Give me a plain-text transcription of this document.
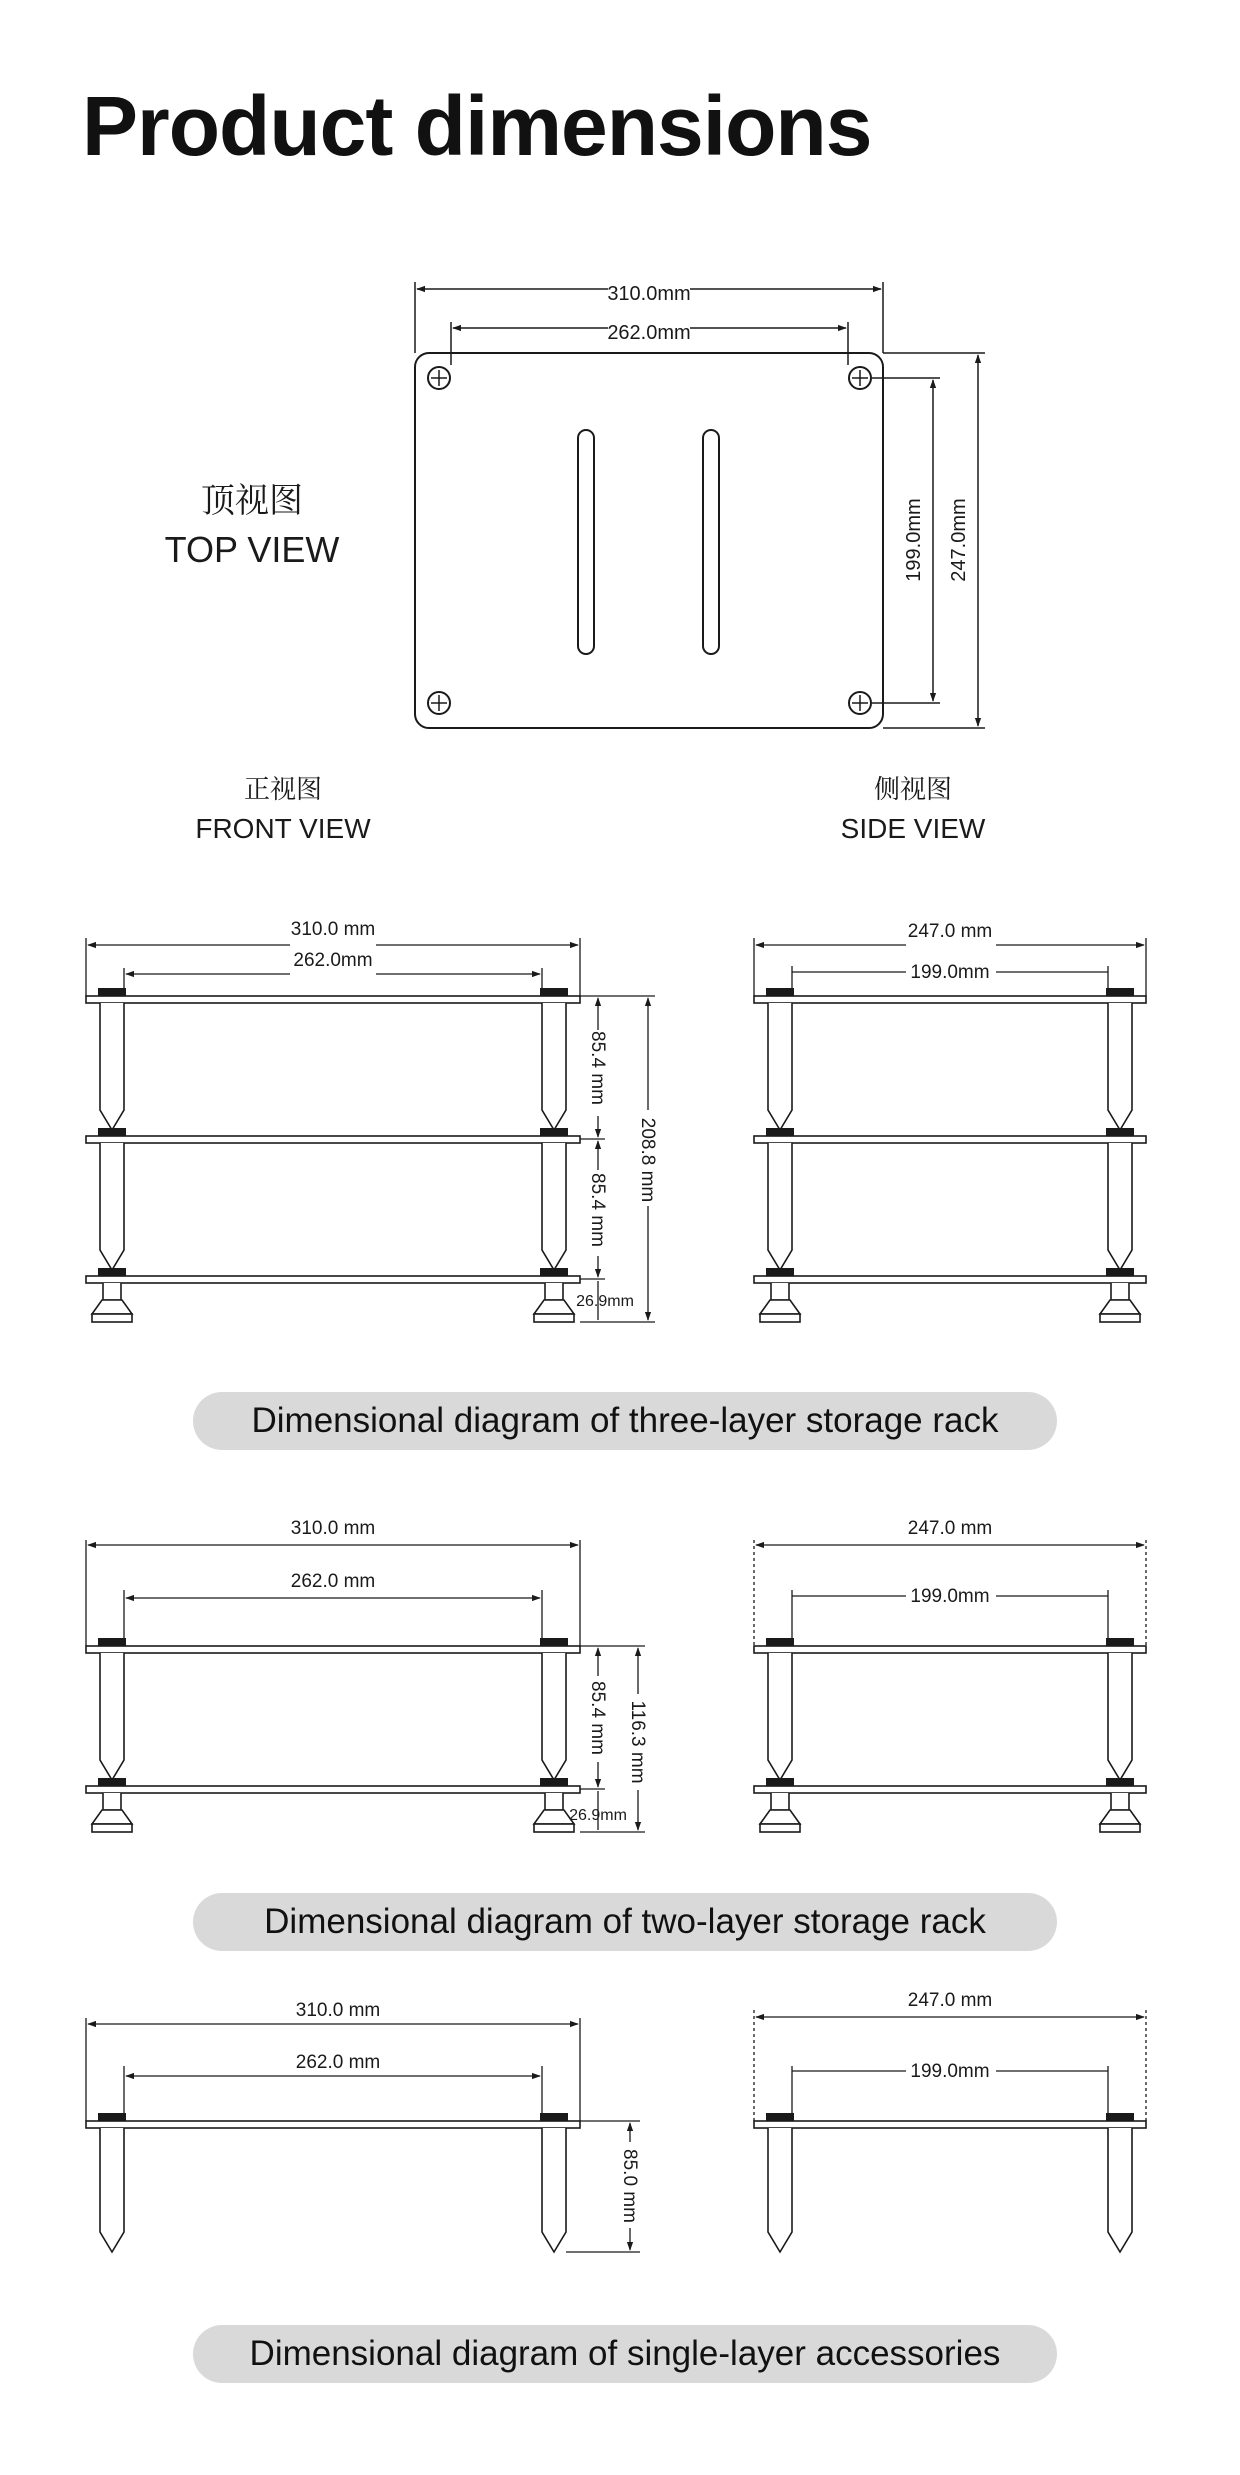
Product dimensions
310.0mm
262.0mm
199.0mm 247.0mm
顶视图
TOP VIEW
正视图
FRONT VIEW
侧视图
SIDE VIEW
310.0 mm
262.0mm
85.4 mm
85.4 mm
208.8 mm
26.9mm
247.0 mm
199.0mm
310.0 mm
262.0 mm
85.4 mm 116.3 mm
26.9mm
247.0 mm
199.0mm
310.0 mm
262.0 mm
85.0 mm
247.0 mm
199.0mm
Dimensional diagram of three-layer storage rack
Dimensional diagram of two-layer storage rack
Dimensional diagram of single-layer accessories
